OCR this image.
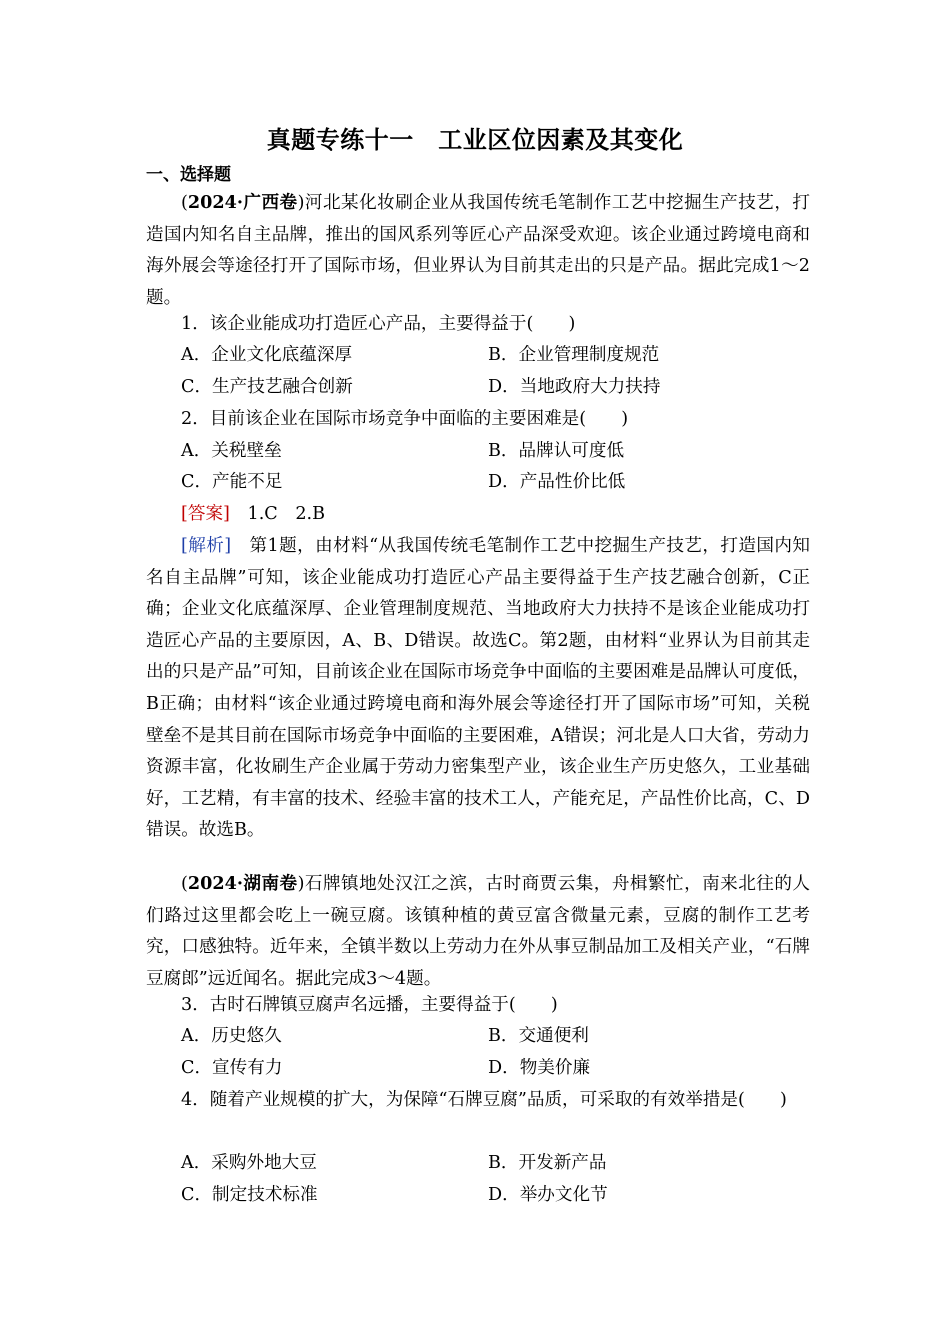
真题专练十一　工业区位因素及其变化
一、选择题

(2024·广西卷)河北某化妆刷企业从我国传统毛笔制作工艺中挖掘生产技艺，打造国内知名自主品牌，推出的国风系列等匠心产品深受欢迎。该企业通过跨境电商和海外展会等途径打开了国际市场，但业界认为目前其走出的只是产品。据此完成1～2题。

1．该企业能成功打造匠心产品，主要得益于(　　)
A．企业文化底蕴深厚	B．企业管理制度规范
C．生产技艺融合创新	D．当地政府大力扶持
2．目前该企业在国际市场竞争中面临的主要困难是(　　)
A．关税壁垒	B．品牌认可度低
C．产能不足	D．产品性价比低
[答案] 1.C 2.B

[解析]　第1题，由材料“从我国传统毛笔制作工艺中挖掘生产技艺，打造国内知名自主品牌”可知，该企业能成功打造匠心产品主要得益于生产技艺融合创新，C正确；企业文化底蕴深厚、企业管理制度规范、当地政府大力扶持不是该企业能成功打造匠心产品的主要原因，A、B、D错误。故选C。第2题，由材料“业界认为目前其走出的只是产品”可知，目前该企业在国际市场竞争中面临的主要困难是品牌认可度低，B正确；由材料“该企业通过跨境电商和海外展会等途径打开了国际市场”可知，关税壁垒不是其目前在国际市场竞争中面临的主要困难，A错误；河北是人口大省，劳动力资源丰富，化妆刷生产企业属于劳动力密集型产业，该企业生产历史悠久，工业基础好，工艺精，有丰富的技术、经验丰富的技术工人，产能充足，产品性价比高，C、D错误。故选B。

(2024·湖南卷)石牌镇地处汉江之滨，古时商贾云集，舟楫繁忙，南来北往的人们路过这里都会吃上一碗豆腐。该镇种植的黄豆富含微量元素，豆腐的制作工艺考究，口感独特。近年来，全镇半数以上劳动力在外从事豆制品加工及相关产业，“石牌豆腐郎”远近闻名。据此完成3～4题。

3．古时石牌镇豆腐声名远播，主要得益于(　　)
A．历史悠久	B．交通便利
C．宣传有力	D．物美价廉

4．随着产业规模的扩大，为保障“石牌豆腐”品质，可采取的有效举措是(　　)

A．采购外地大豆	B．开发新产品
C．制定技术标准	D．举办文化节
